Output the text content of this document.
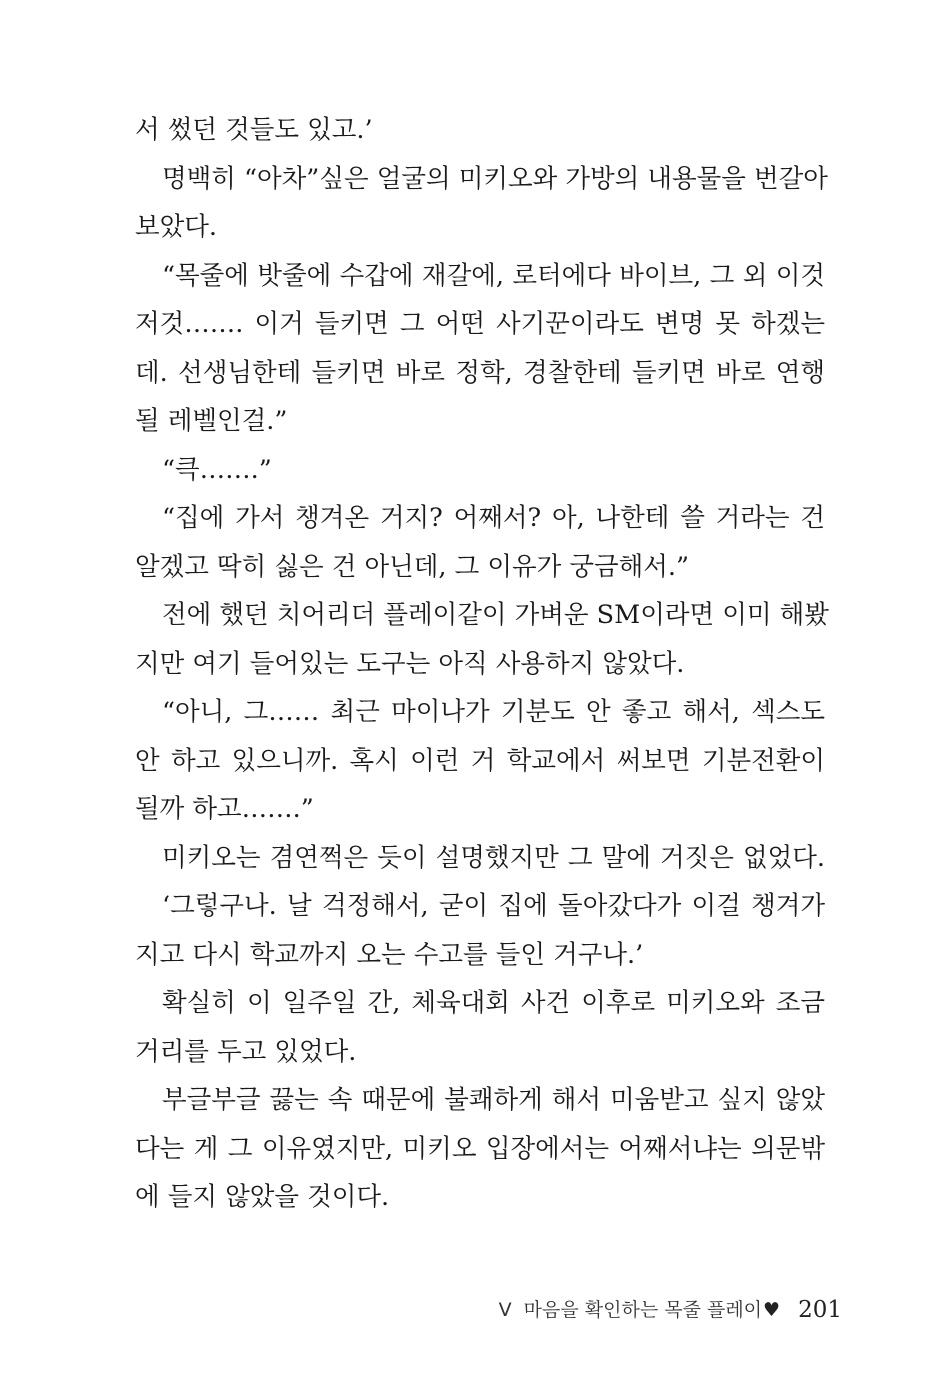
서 썼던 것들도 있고.’
명백히 “아차”싶은 얼굴의 미키오와 가방의 내용물을 번갈아
보았다.
“목줄에 밧줄에 수갑에 재갈에, 로터에다 바이브, 그 외 이것
저것……. 이거 들키면 그 어떤 사기꾼이라도 변명 못 하겠는
데. 선생님한테 들키면 바로 정학, 경찰한테 들키면 바로 연행
될 레벨인걸.”
“큭…….”
“집에 가서 챙겨온 거지? 어째서? 아, 나한테 쓸 거라는 건
알겠고 딱히 싫은 건 아닌데, 그 이유가 궁금해서.”
전에 했던 치어리더 플레이같이 가벼운 SM이라면 이미 해봤
지만 여기 들어있는 도구는 아직 사용하지 않았다.
“아니, 그…… 최근 마이나가 기분도 안 좋고 해서, 섹스도
안 하고 있으니까. 혹시 이런 거 학교에서 써보면 기분전환이
될까 하고…….”
미키오는 겸연쩍은 듯이 설명했지만 그 말에 거짓은 없었다.
‘그렇구나. 날 걱정해서, 굳이 집에 돌아갔다가 이걸 챙겨가
지고 다시 학교까지 오는 수고를 들인 거구나.’
확실히 이 일주일 간, 체육대회 사건 이후로 미키오와 조금
거리를 두고 있었다.
부글부글 끓는 속 때문에 불쾌하게 해서 미움받고 싶지 않았
다는 게 그 이유였지만, 미키오 입장에서는 어째서냐는 의문밖
에 들지 않았을 것이다.
V 마음을 확인하는 목줄 플레이 ♥ 201
